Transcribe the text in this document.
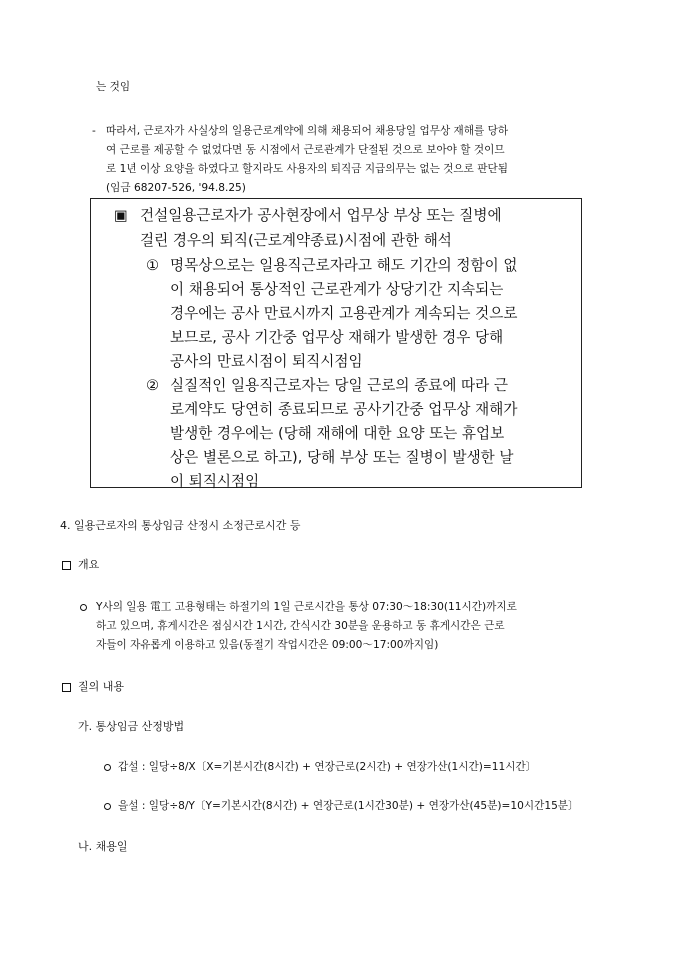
는 것임
- 따라서, 근로자가 사실상의 일용근로계약에 의해 채용되어 채용당일 업무상 재해를 당하
여 근로를 제공할 수 없었다면 동 시점에서 근로관계가 단절된 것으로 보아야 할 것이므
로 1년 이상 요양을 하였다고 할지라도 사용자의 퇴직금 지급의무는 없는 것으로 판단됨
(임금 68207-526, '94.8.25)
▣ 건설일용근로자가 공사현장에서 업무상 부상 또는 질병에
걸린 경우의 퇴직(근로계약종료)시점에 관한 해석
① 명목상으로는 일용직근로자라고 해도 기간의 정함이 없
이 채용되어 통상적인 근로관계가 상당기간 지속되는
경우에는 공사 만료시까지 고용관계가 계속되는 것으로
보므로, 공사 기간중 업무상 재해가 발생한 경우 당해
공사의 만료시점이 퇴직시점임
② 실질적인 일용직근로자는 당일 근로의 종료에 따라 근
로계약도 당연히 종료되므로 공사기간중 업무상 재해가
발생한 경우에는 (당해 재해에 대한 요양 또는 휴업보
상은 별론으로 하고), 당해 부상 또는 질병이 발생한 날
이 퇴직시점임
4. 일용근로자의 통상임금 산정시 소정근로시간 등
개요
Y사의 일용 電工 고용형태는 하절기의 1일 근로시간을 통상 07:30～18:30(11시간)까지로
하고 있으며, 휴게시간은 점심시간 1시간, 간식시간 30분을 운용하고 동 휴게시간은 근로
자들이 자유롭게 이용하고 있음(동절기 작업시간은 09:00～17:00까지임)
질의 내용
가. 통상임금 산정방법
갑설 : 일당÷8/X〔X=기본시간(8시간) + 연장근로(2시간) + 연장가산(1시간)=11시간〕
을설 : 일당÷8/Y〔Y=기본시간(8시간) + 연장근로(1시간30분) + 연장가산(45분)=10시간15분〕
나. 채용일
